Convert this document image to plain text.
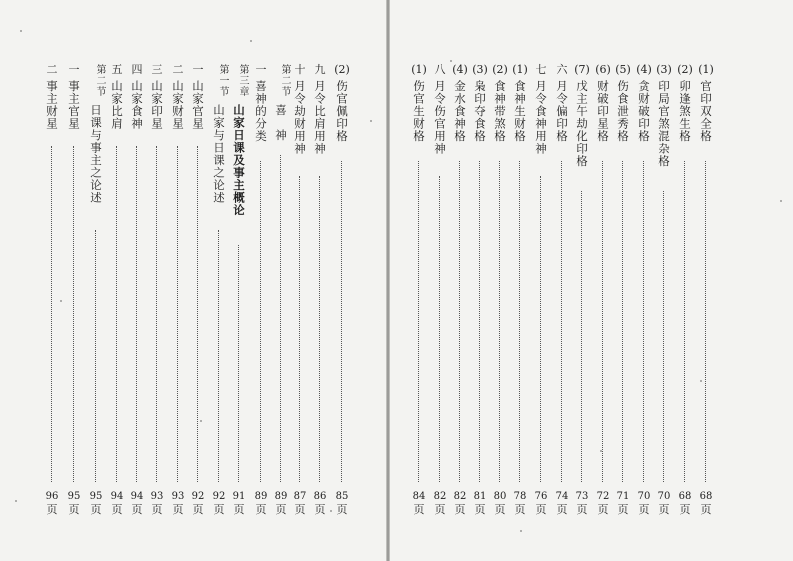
(2)
伤官佩印格
85
页
九
月令比肩用神
86
页
十
月令劫财用神
87
页
第二节
喜　神
89
页
一
喜神的分类
89
页
第三章
山家日课及事主概论
91
页
第一节
山家与日课之论述
92
页
一
山家官星
92
页
二
山家财星
93
页
三
山家印星
93
页
四
山家食神
94
页
五
山家比肩
94
页
第二节
日课与事主之论述
95
页
一
事主官星
95
页
二
事主财星
96
页
(1)
官印双全格
68
页
(2)
卯逢煞生格
68
页
(3)
印局官煞混杂格
70
页
(4)
贪财破印格
70
页
(5)
伤食泄秀格
71
页
(6)
财破印星格
72
页
(7)
戊主午劫化印格
73
页
六
月令偏印格
74
页
七
月令食神用神
76
页
(1)
食神生财格
78
页
(2)
食神带煞格
80
页
(3)
枭印夺食格
81
页
(4)
金水食神格
82
页
八
月令伤官用神
82
页
(1)
伤官生财格
84
页
